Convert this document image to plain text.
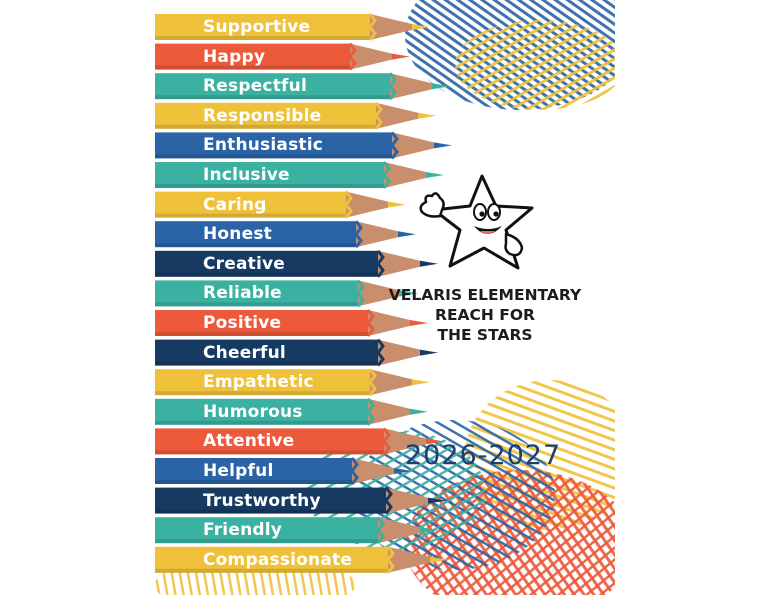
Supportive
Happy
Respectful
Responsible
Enthusiastic
Inclusive
Caring
Honest
Creative
Reliable
Positive
Cheerful
Empathetic
Humorous
Attentive
Helpful
Trustworthy
Friendly
Compassionate
VELARIS ELEMENTARY
REACH FOR
THE STARS
2026-2027
